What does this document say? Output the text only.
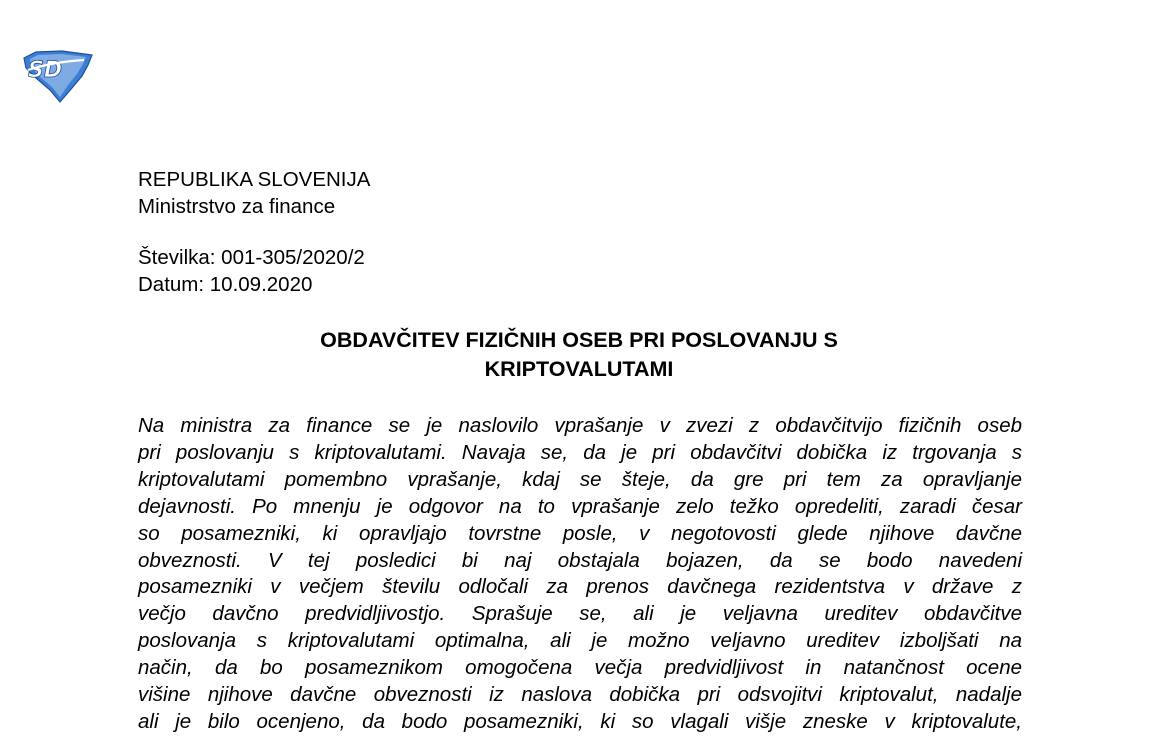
SD
REPUBLIKA SLOVENIJA
Ministrstvo za finance
Številka: 001-305/2020/2
Datum: 10.09.2020
OBDAVČITEV FIZIČNIH OSEB PRI POSLOVANJU S
KRIPTOVALUTAMI
Na ministra za finance se je naslovilo vprašanje v zvezi z obdavčitvijo fizičnih oseb
pri poslovanju s kriptovalutami. Navaja se, da je pri obdavčitvi dobička iz trgovanja s
kriptovalutami pomembno vprašanje, kdaj se šteje, da gre pri tem za opravljanje
dejavnosti. Po mnenju je odgovor na to vprašanje zelo težko opredeliti, zaradi česar
so posamezniki, ki opravljajo tovrstne posle, v negotovosti glede njihove davčne
obveznosti. V tej posledici bi naj obstajala bojazen, da se bodo navedeni
posamezniki v večjem številu odločali za prenos davčnega rezidentstva v države z
večjo davčno predvidljivostjo. Sprašuje se, ali je veljavna ureditev obdavčitve
poslovanja s kriptovalutami optimalna, ali je možno veljavno ureditev izboljšati na
način, da bo posameznikom omogočena večja predvidljivost in natančnost ocene
višine njihove davčne obveznosti iz naslova dobička pri odsvojitvi kriptovalut, nadalje
ali je bilo ocenjeno, da bodo posamezniki, ki so vlagali višje zneske v kriptovalute,
